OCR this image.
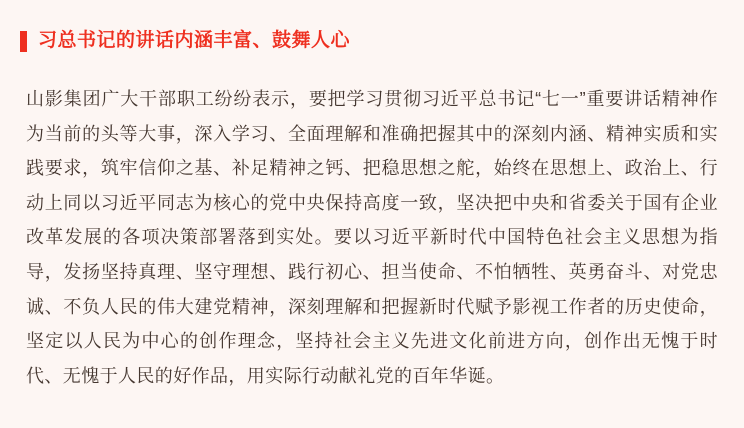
习总书记的讲话内涵丰富、鼓舞人心

山影集团广大干部职工纷纷表示，要把学习贯彻习近平总书记“七一”重要讲话精神作为当前的头等大事，深入学习、全面理解和准确把握其中的深刻内涵、精神实质和实践要求，筑牢信仰之基、补足精神之钙、把稳思想之舵，始终在思想上、政治上、行动上同以习近平同志为核心的党中央保持高度一致，坚决把中央和省委关于国有企业改革发展的各项决策部署落到实处。要以习近平新时代中国特色社会主义思想为指导，发扬坚持真理、坚守理想、践行初心、担当使命、不怕牺牲、英勇奋斗、对党忠诚、不负人民的伟大建党精神，深刻理解和把握新时代赋予影视工作者的历史使命，坚定以人民为中心的创作理念，坚持社会主义先进文化前进方向，创作出无愧于时代、无愧于人民的好作品，用实际行动献礼党的百年华诞。
